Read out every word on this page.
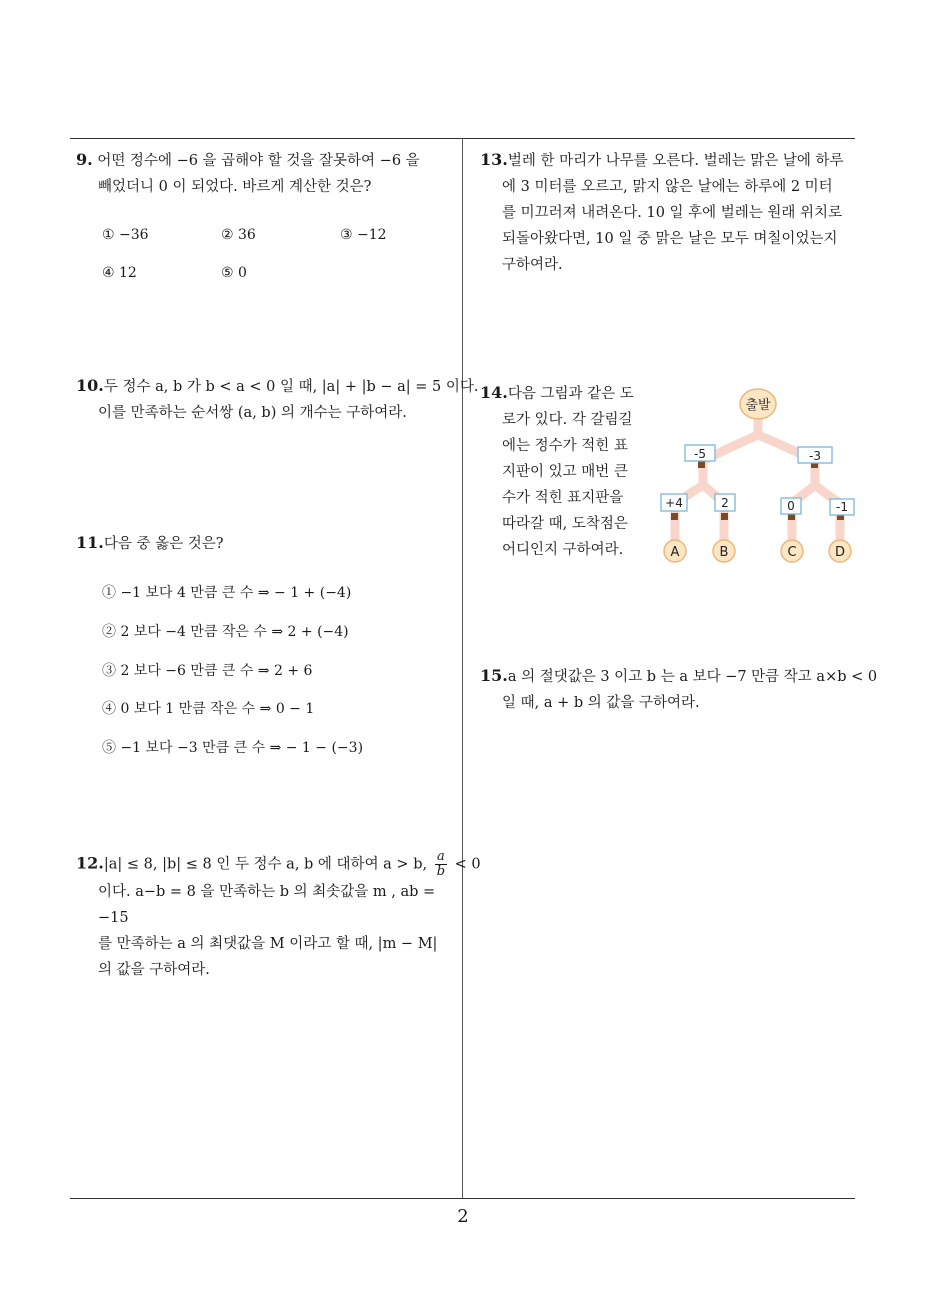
9. 어떤 정수에 −6 을 곱해야 할 것을 잘못하여 −6 을
빼었더니 0 이 되었다. 바르게 계산한 것은?
① −36	② 36	③ −12
④ 12	⑤ 0
10.두 정수 a, b 가 b < a < 0 일 때, |a| + |b − a| = 5 이다.
이를 만족하는 순서쌍 (a, b) 의 개수는 구하여라.
11.다음 중 옳은 것은?
① −1 보다 4 만큼 큰 수 ⇒ − 1 + (−4)
② 2 보다 −4 만큼 작은 수 ⇒ 2 + (−4)
③ 2 보다 −6 만큼 큰 수 ⇒ 2 + 6
④ 0 보다 1 만큼 작은 수 ⇒ 0 − 1
⑤ −1 보다 −3 만큼 큰 수 ⇒ − 1 − (−3)
12.|a| ≤ 8, |b| ≤ 8 인 두 정수 a, b 에 대하여 a > b, $\frac{a}{b} < 0$
이다. a−b = 8 을 만족하는 b 의 최솟값을 m , ab = −15
를 만족하는 a 의 최댓값을 M 이라고 할 때, |m − M|
의 값을 구하여라.
13.벌레 한 마리가 나무를 오른다. 벌레는 맑은 날에 하루
에 3 미터를 오르고, 맑지 않은 날에는 하루에 2 미터
를 미끄러져 내려온다. 10 일 후에 벌레는 원래 위치로
되돌아왔다면, 10 일 중 맑은 날은 모두 며칠이었는지
구하여라.
14.다음 그림과 같은 도
로가 있다. 각 갈림길
에는 정수가 적힌 표
지판이 있고 매번 큰
수가 적힌 표지판을
따라갈 때, 도착점은
어디인지 구하여라.
-5	-3
+4	2	0	-1
출발
A	B	C	D
15.a 의 절댓값은 3 이고 b 는 a 보다 −7 만큼 작고 a×b < 0
일 때, a + b 의 값을 구하여라.
2
